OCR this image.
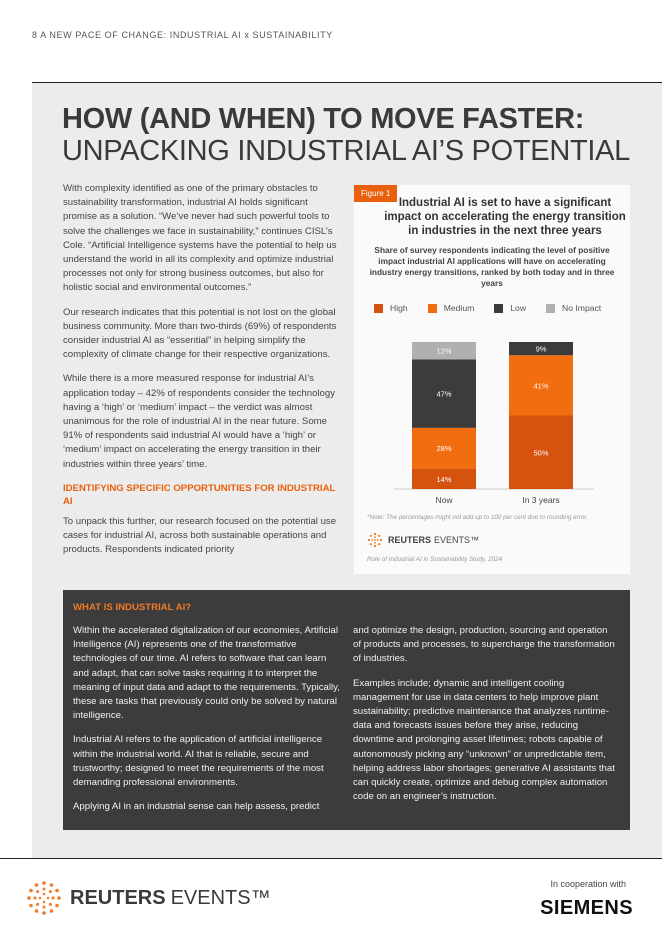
8 A NEW PACE OF CHANGE: INDUSTRIAL AI x SUSTAINABILITY
HOW (AND WHEN) TO MOVE FASTER:
UNPACKING INDUSTRIAL AI’S POTENTIAL

With complexity identified as one of the primary obstacles to sustainability transformation, industrial AI holds significant promise as a solution. “We’ve never had such powerful tools to solve the challenges we face in sustainability,” continues CISL’s Cole. “Artificial Intelligence systems have the potential to help us understand the world in all its complexity and optimize industrial processes not only for strong business outcomes, but also for holistic social and environmental outcomes.”

Our research indicates that this potential is not lost on the global business community. More than two-thirds (69%) of respondents consider industrial AI as “essential” in helping simplify the complexity of climate change for their respective organizations.

While there is a more measured response for industrial AI’s application today – 42% of respondents consider the technology having a ‘high’ or ‘medium’ impact – the verdict was almost unanimous for the role of industrial AI in the near future. Some 91% of respondents said industrial AI would have a ‘high’ or ‘medium’ impact on accelerating the energy transition in their industries within three years’ time.

IDENTIFYING SPECIFIC OPPORTUNITIES FOR INDUSTRIAL AI

To unpack this further, our research focused on the potential use cases for industrial AI, across both sustainable operations and products. Respondents indicated priority

Figure 1
Industrial AI is set to have a significant impact on accelerating the energy transition in industries in the next three years
Share of survey respondents indicating the level of positive impact industrial AI applications will have on accelerating industry energy transitions, ranked by both today and in three years
High	Medium	Low	No Impact
14%
28%
47%
12%
Now
50%
41%
9%
In 3 years
*Note: The percentages might not add up to 100 per cent due to rounding error.
REUTERS EVENTS™
Role of Industrial AI in Sustainability Study, 2024
WHAT IS INDUSTRIAL AI?

Within the accelerated digitalization of our economies, Artificial Intelligence (AI) represents one of the transformative technologies of our time. AI refers to software that can learn and adapt, that can solve tasks requiring it to interpret the meaning of input data and adapt to the requirements. Typically, these are tasks that previously could only be solved by natural intelligence.

Industrial AI refers to the application of artificial intelligence within the industrial world. AI that is reliable, secure and trustworthy; designed to meet the requirements of the most demanding professional environments.

Applying AI in an industrial sense can help assess, predict

and optimize the design, production, sourcing and operation of products and processes, to supercharge the transformation of industries.

Examples include; dynamic and intelligent cooling management for use in data centers to help improve plant sustainability; predictive maintenance that analyzes runtime-data and forecasts issues before they arise, reducing downtime and prolonging asset lifetimes; robots capable of autonomously picking any “unknown” or unpredictable item, helping address labor shortages; generative AI assistants that can quickly create, optimize and debug complex automation code on an engineer’s instruction.

REUTERS EVENTS™
In cooperation with
SIEMENS
